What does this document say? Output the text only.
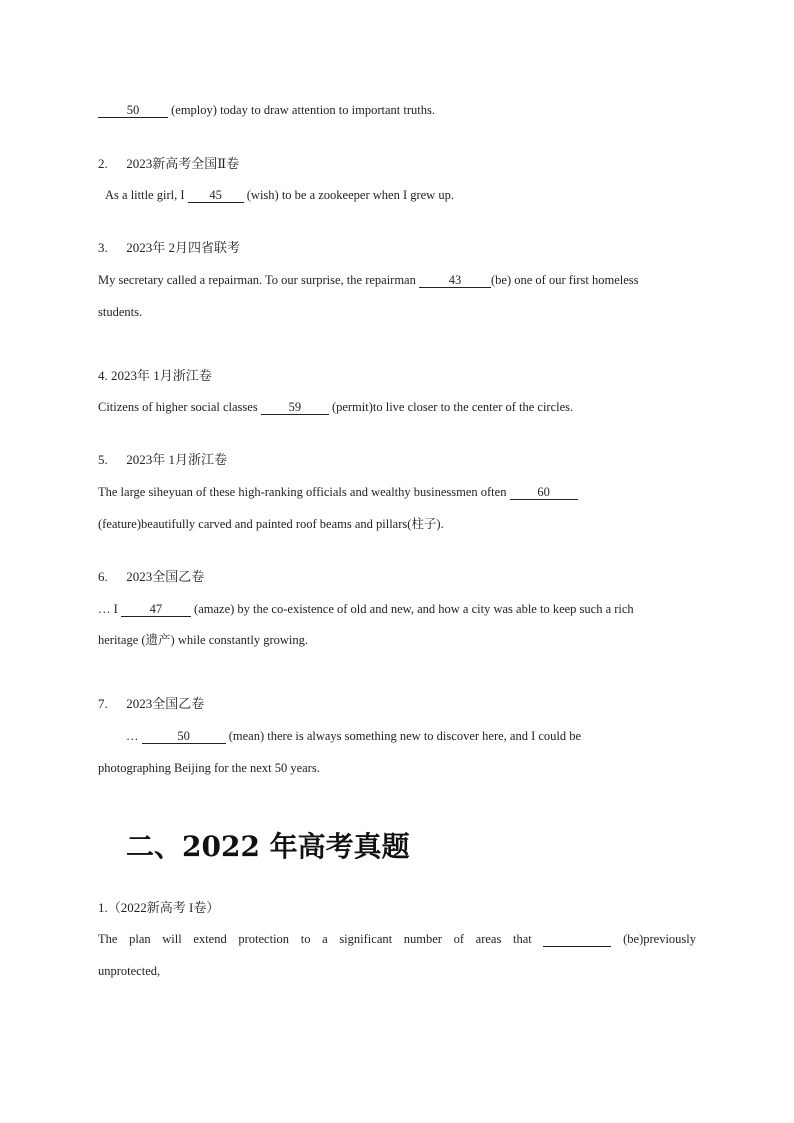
50	(employ) today to draw attention to important truths.
2. 2023新高考全国Ⅱ卷
As a little girl, I 45 (wish) to be a zookeeper when I grew up.
3. 2023年 2月四省联考
My secretary called a repairman. To our surprise, the repairman	43 (be) one of our first homeless
students.
4. 2023年 1月浙江卷
Citizens of higher social classes 59 (permit)to live closer to the center of the circles.
5. 2023年 1月浙江卷
The large siheyuan of these high-ranking officials and wealthy businessmen often 60
(feature)beautifully carved and painted roof beams and pillars(柱子).
6. 2023全国乙卷
… I	47	(amaze) by the co-existence of old and new, and how a city was able to keep such a rich
heritage (遗产) while constantly growing.
7. 2023全国乙卷
…	50	(mean) there is always something new to discover here, and I could be
photographing Beijing for the next 50 years.
二、2022 年高考真题
1.（2022新高考 I卷）
The plan will extend protection to a significant number of areas that	(be)previously
unprotected,
